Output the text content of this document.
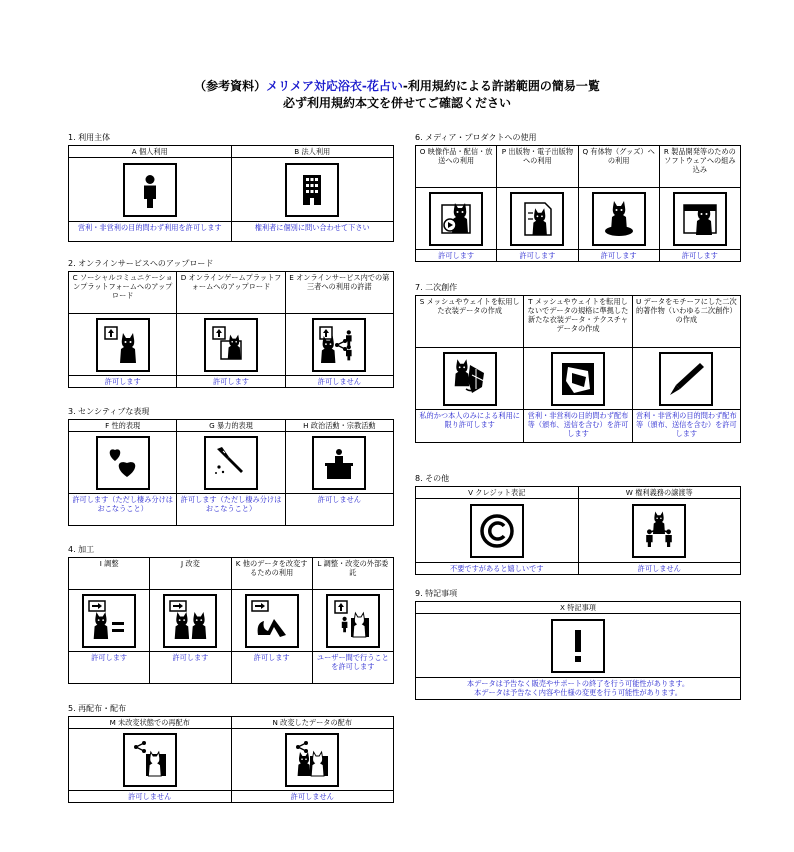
（参考資料）メリメア対応浴衣-花占い-利用規約による許諾範囲の簡易一覧
必ず利用規約本文を併せてご確認ください
1. 利用主体
A 個人利用	B 法人利用

営利・非営利の目的問わず利用を許可します	権利者に個別に問い合わせて下さい
2. オンラインサービスへのアップロード
C ソーシャルコミュニケーションプラットフォームへのアップロード	D オンラインゲームプラットフォームへのアップロード	E オンラインサービス内での第三者への利用の許諾

許可します	許可します	許可しません
3. センシティブな表現
F 性的表現	G 暴力的表現	H 政治活動・宗教活動

許可します（ただし棲み分けはおこなうこと）	許可します（ただし棲み分けはおこなうこと）	許可しません
4. 加工
I 調整	J 改変	K 他のデータを改変するための利用	L 調整・改変の外部委託

許可します	許可します	許可します	ユーザー間で行うことを許可します
5. 再配布・配布
M 未改変状態での再配布	N 改変したデータの配布

許可しません	許可しません
6. メディア・プロダクトへの使用
O 映像作品・配信・放送への利用	P 出版物・電子出版物への利用	Q 有体物（グッズ）への利用	R 製品開発等のためのソフトウェアへの組み込み

許可します	許可します	許可します	許可します
7. 二次創作
S メッシュやウェイトを転用した衣装データの作成	T メッシュやウェイトを転用しないでデータの規格に準拠した新たな衣装データ・テクスチャデータの作成	U データをモチーフにした二次的著作物（いわゆる二次創作）の作成

私的かつ本人のみによる利用に限り許可します	営利・非営利の目的問わず配布等（頒布、送信を含む）を許可します	営利・非営利の目的問わず配布等（頒布、送信を含む）を許可します
8. その他
V クレジット表記	W 権利義務の譲渡等

不要ですがあると嬉しいです	許可しません
9. 特記事項
X 特記事項

本データは予告なく販売やサポートの終了を行う可能性があります。
本データは予告なく内容や仕様の変更を行う可能性があります。
